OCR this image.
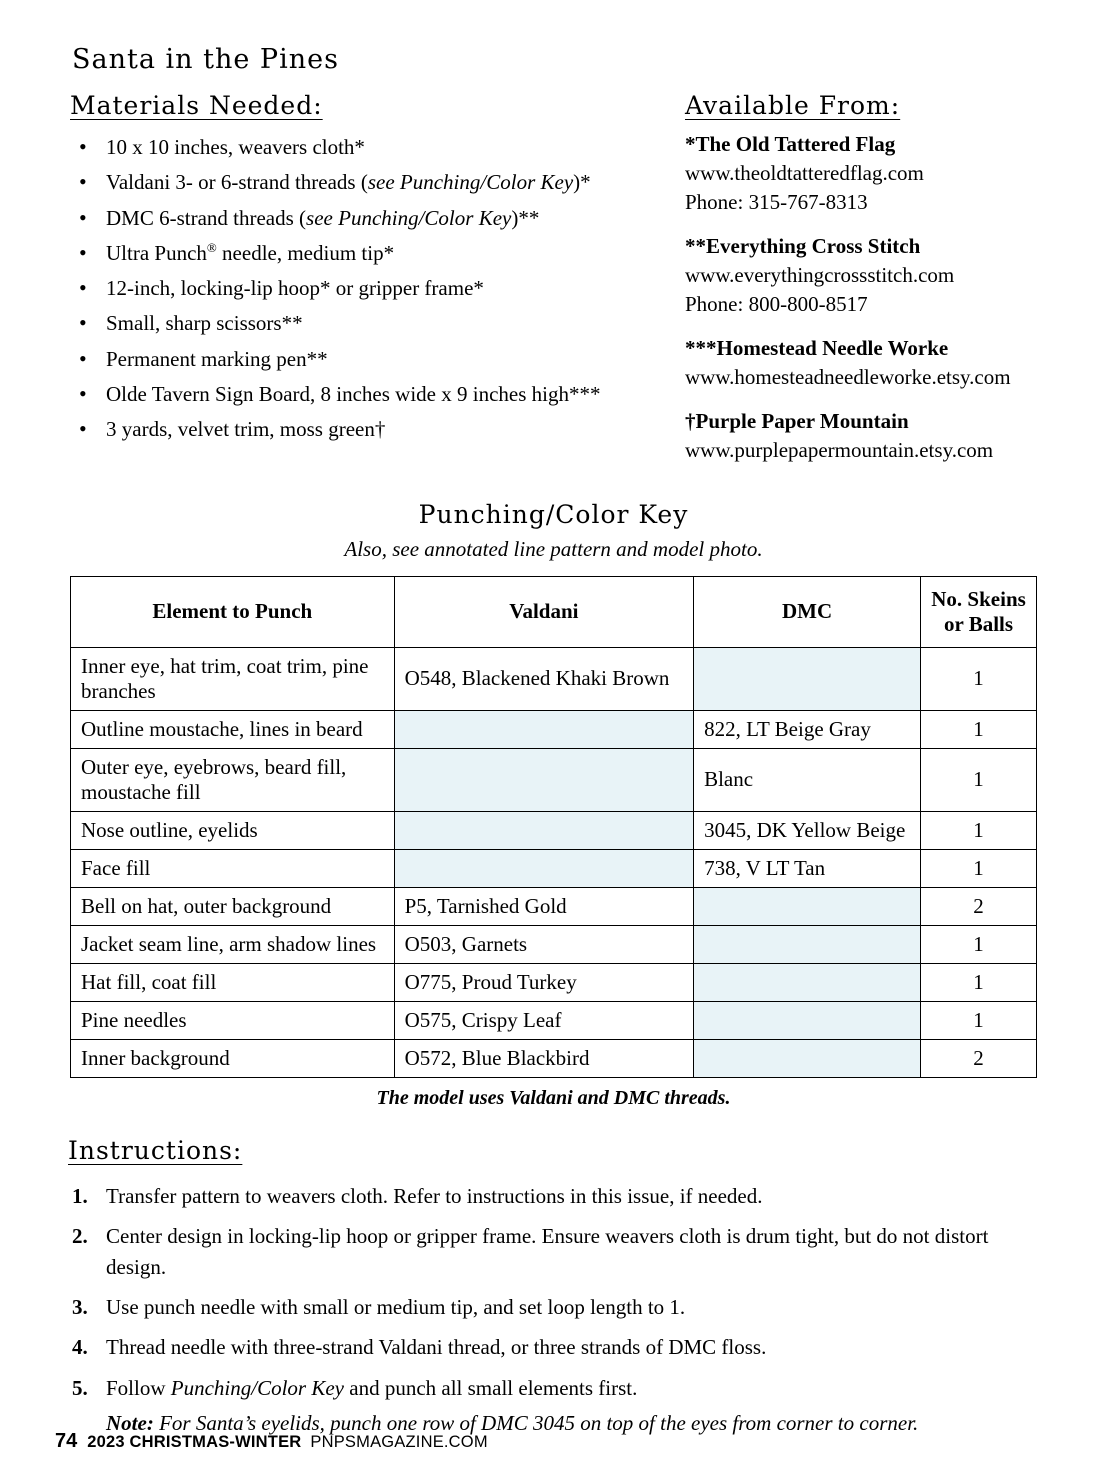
Santa in the Pines
Materials Needed:
• 10 x 10 inches, weavers cloth*
• Valdani 3- or 6-strand threads (see Punching/Color Key)*
• DMC 6-strand threads (see Punching/Color Key)**
• Ultra Punch® needle, medium tip*
• 12-inch, locking-lip hoop* or gripper frame*
• Small, sharp scissors**
• Permanent marking pen**
• Olde Tavern Sign Board, 8 inches wide x 9 inches high***
• 3 yards, velvet trim, moss green†
Available From:
*The Old Tattered Flag
www.theoldtatteredflag.com
Phone: 315-767-8313
**Everything Cross Stitch
www.everythingcrossstitch.com
Phone: 800-800-8517
***Homestead Needle Worke
www.homesteadneedleworke.etsy.com
†Purple Paper Mountain
www.purplepapermountain.etsy.com
Punching/Color Key
Also, see annotated line pattern and model photo.
Element to Punch	Valdani	DMC	No. Skeins or Balls
Inner eye, hat trim, coat trim, pine branches	O548, Blackened Khaki Brown		1
Outline moustache, lines in beard		822, LT Beige Gray	1
Outer eye, eyebrows, beard fill, moustache fill		Blanc	1
Nose outline, eyelids		3045, DK Yellow Beige	1
Face fill		738, V LT Tan	1
Bell on hat, outer background	P5, Tarnished Gold		2
Jacket seam line, arm shadow lines	O503, Garnets		1
Hat fill, coat fill	O775, Proud Turkey		1
Pine needles	O575, Crispy Leaf		1
Inner background	O572, Blue Blackbird		2
The model uses Valdani and DMC threads.
Instructions:
1. Transfer pattern to weavers cloth. Refer to instructions in this issue, if needed.
2. Center design in locking-lip hoop or gripper frame. Ensure weavers cloth is drum tight, but do not distort design.
3. Use punch needle with small or medium tip, and set loop length to 1.
4. Thread needle with three-strand Valdani thread, or three strands of DMC floss.
5. Follow Punching/Color Key and punch all small elements first.
Note: For Santa’s eyelids, punch one row of DMC 3045 on top of the eyes from corner to corner.
74 2023 CHRISTMAS-WINTER PNPSMAGAZINE.COM
